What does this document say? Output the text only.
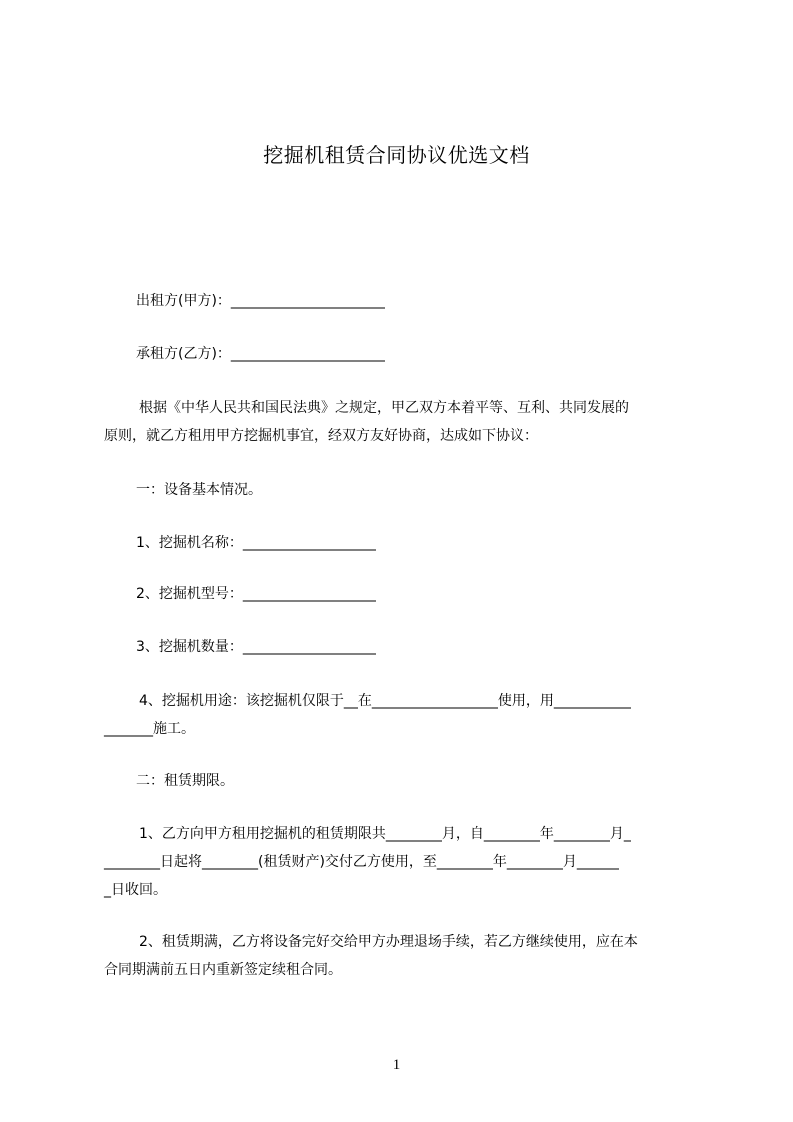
挖掘机租赁合同协议优选文档
出租方(甲方)：______________________
承租方(乙方)：______________________
根据《中华人民共和国民法典》之规定，甲乙双方本着平等、互利、共同发展的
原则，就乙方租用甲方挖掘机事宜，经双方友好协商，达成如下协议：
一：设备基本情况。
1、挖掘机名称：___________________
2、挖掘机型号：___________________
3、挖掘机数量：___________________
4、挖掘机用途：该挖掘机仅限于__在__________________使用，用___________
_______施工。
二：租赁期限。
1、乙方向甲方租用挖掘机的租赁期限共________月，自________年________月_
________日起将________(租赁财产)交付乙方使用，至________年________月______
_日收回。
2、租赁期满，乙方将设备完好交给甲方办理退场手续，若乙方继续使用，应在本
合同期满前五日内重新签定续租合同。
1
